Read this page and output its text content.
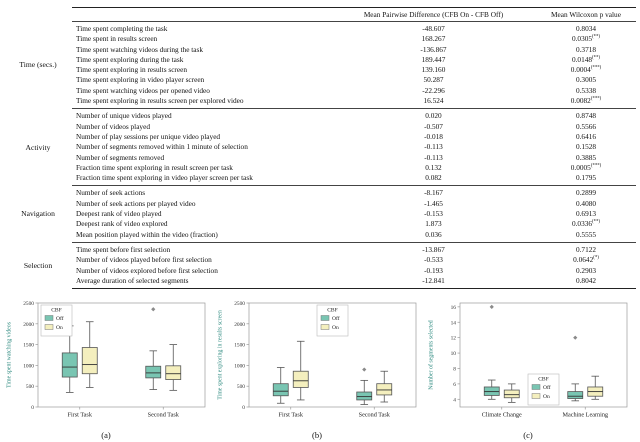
Mean Pairwise Difference (CFB On - CFB Off)	Mean Wilcoxon p value
Time (secs.)
Time spent completing the task	-48.607	0.8034
Time spent in results screen	168.267	0.0305(**)
Time spent watching videos during the task	-136.867	0.3718
Time spent exploring during the task	189.447	0.0148(**)
Time spent exploring in results screen	139.160	0.0004(***)
Time spent exploring in video player screen	50.287	0.3005
Time spent watching videos per opened video	-22.296	0.5338
Time spent exploring in results screen per explored video	16.524	0.0082(***)
Activity
Number of unique videos played	0.020	0.8748
Number of videos played	-0.507	0.5566
Number of play sessions per unique video played	-0.018	0.6416
Number of segments removed within 1 minute of selection	-0.113	0.1528
Number of segments removed	-0.113	0.3885
Fraction time spent exploring in result screen per task	0.132	0.0005(***)
Fraction time spent exploring in video player screen per task	0.082	0.1795
Navigation
Number of seek actions	-8.167	0.2899
Number of seek actions per played video	-1.465	0.4080
Deepest rank of video played	-0.153	0.6913
Deepest rank of video explored	1.873	0.0336(**)
Mean position played within the video (fraction)	0.036	0.5555
Selection
Time spent before first selection	-13.867	0.7122
Number of videos played before first selection	-0.533	0.0642(*)
Number of videos explored before first selection	-0.193	0.2903
Average duration of selected segments	-12.841	0.8042
0
500
1000
1500
2000
2500
First Task	Second Task
Time spent watching videos
CBF
Off
On
(a)
0
500
1000
1500
2000
2500
First Task	Second Task
Time spent exploring in results screen	CBF
Off
On
(b)
4
6
8
10
12
14
16
Climate Change	Machine Learning
Number of segments selected	CBF
Off
On
(c)
